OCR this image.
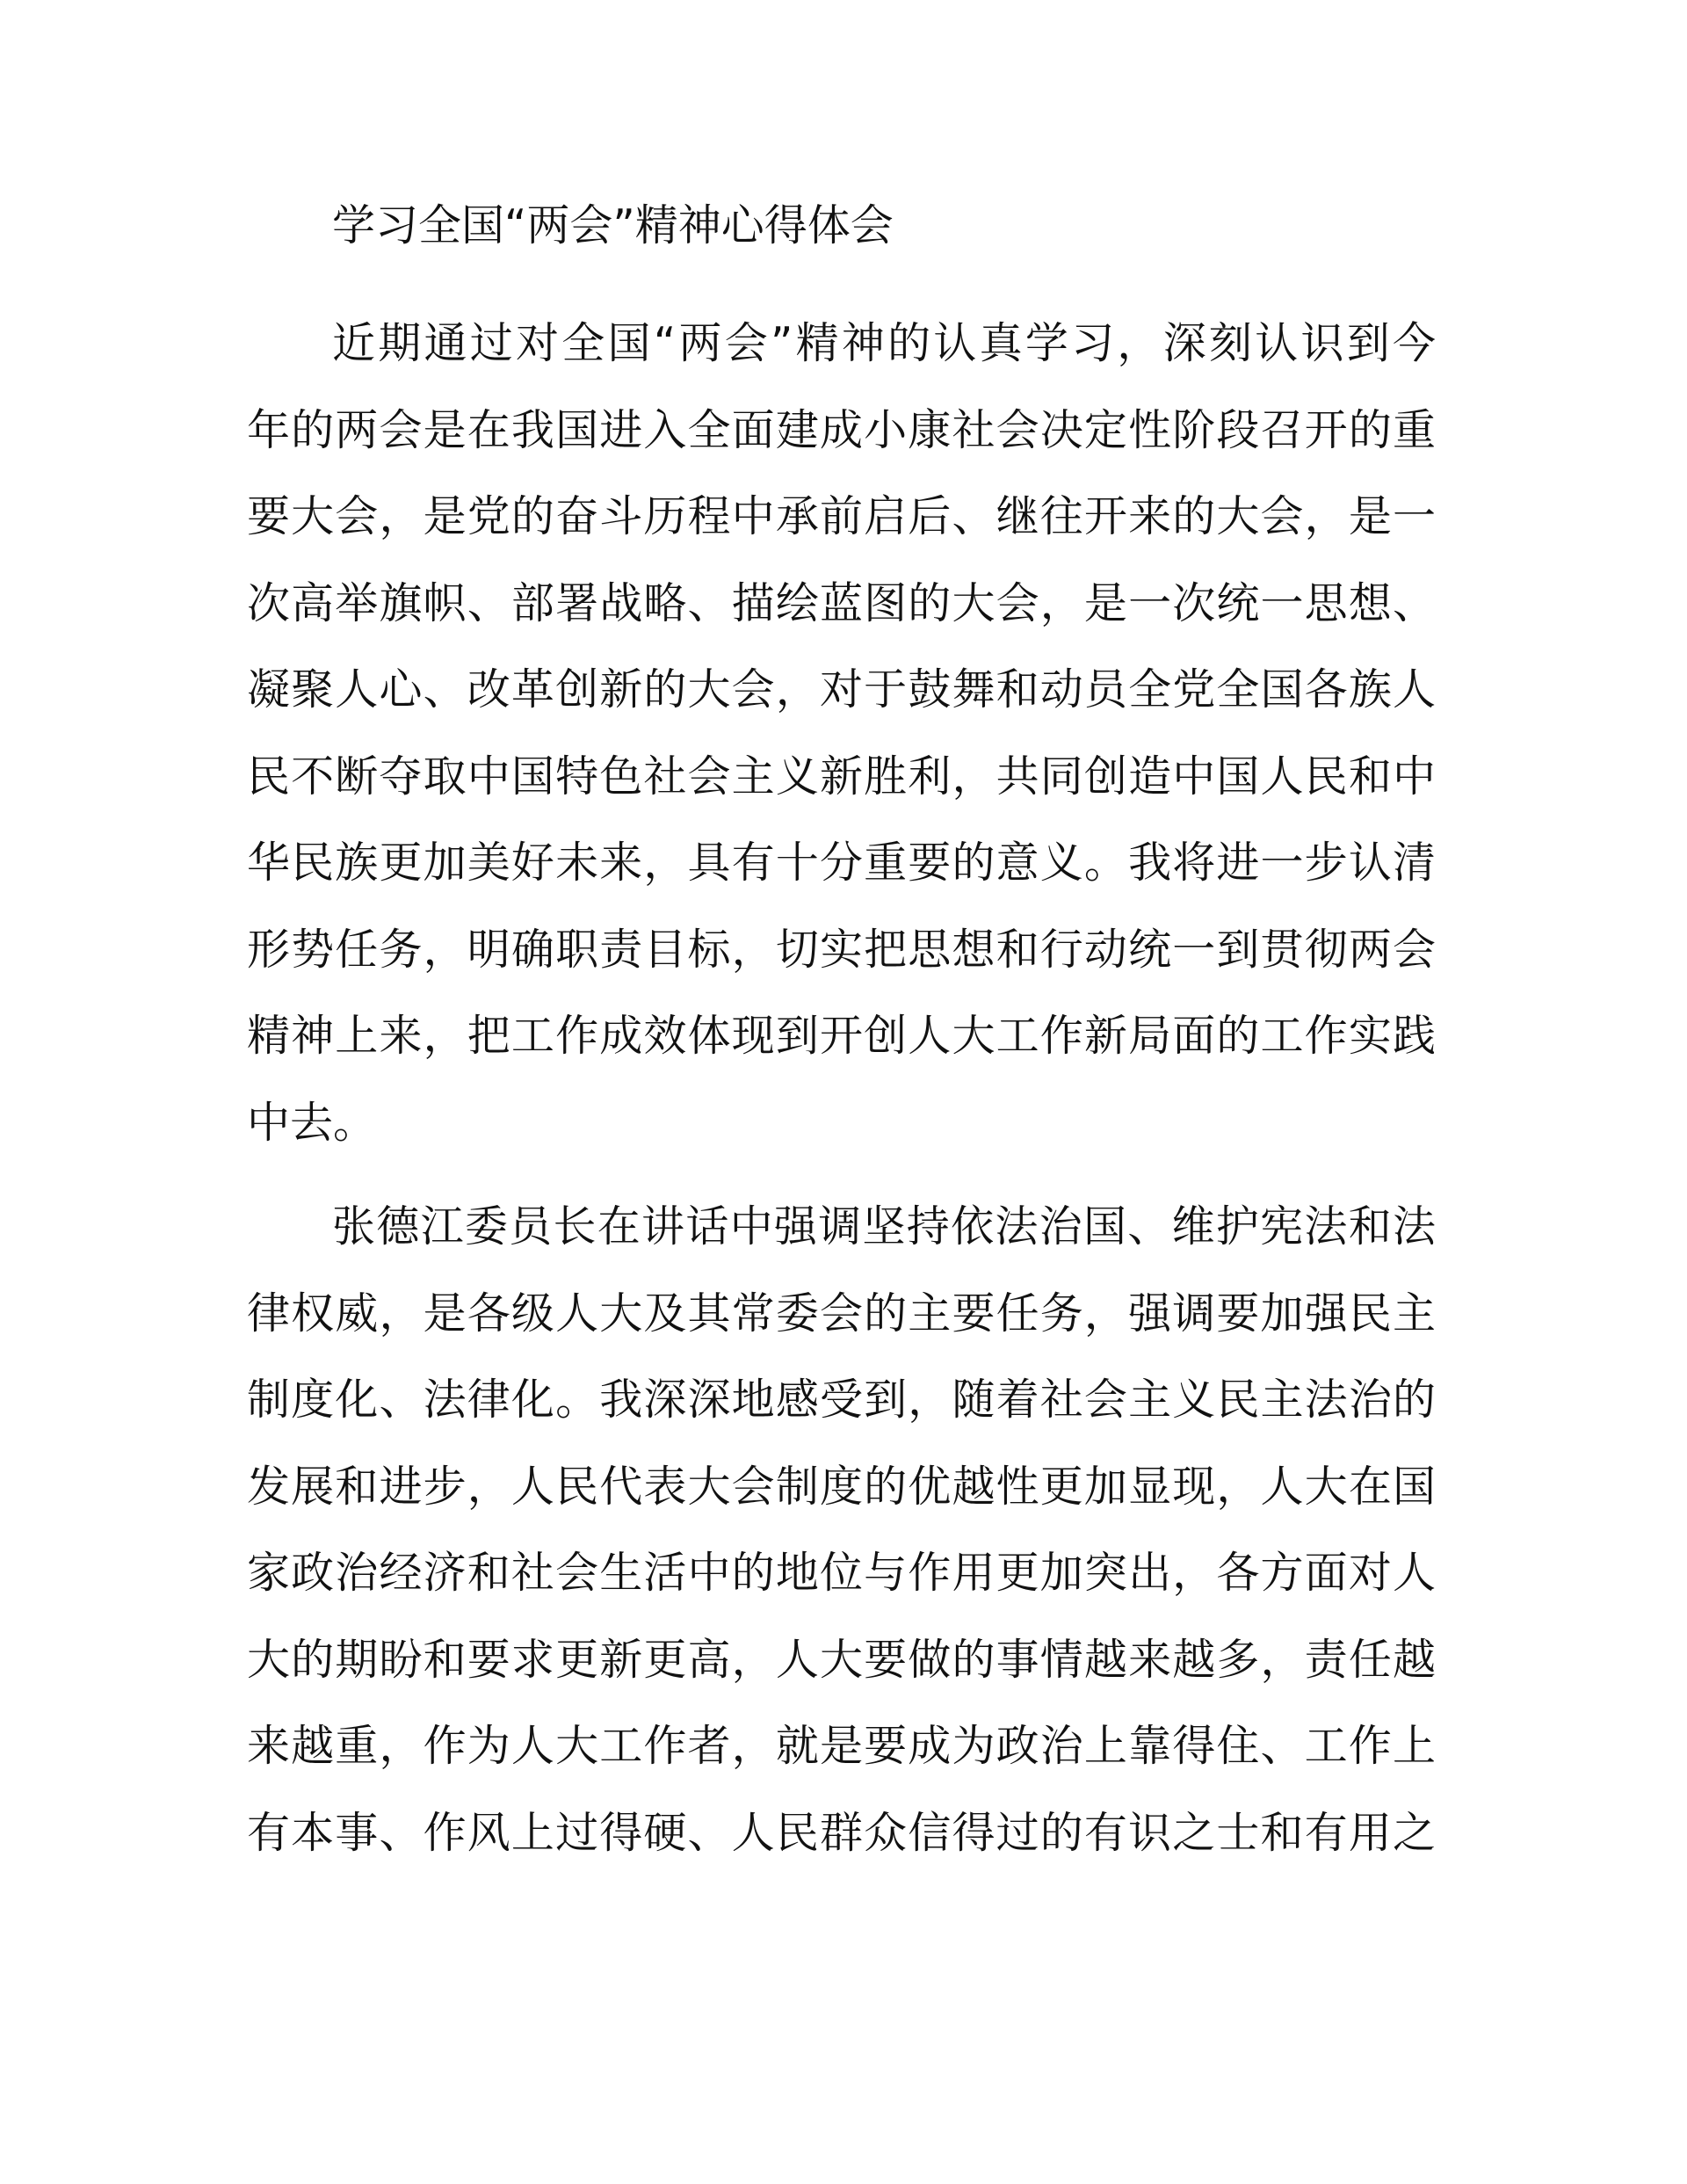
学习全国“两会”精神心得体会
近期通过对全国“两会”精神的认真学习，深刻认识到今
年的两会是在我国进入全面建成小康社会决定性阶段召开的重
要大会，是党的奋斗历程中承前启后、继往开来的大会，是一
次高举旗帜、部署战略、描绘蓝图的大会，是一次统一思想、
凝聚人心、改革创新的大会，对于鼓舞和动员全党全国各族人
民不断夺取中国特色社会主义新胜利，共同创造中国人民和中
华民族更加美好未来，具有十分重要的意义。我将进一步认清
形势任务，明确职责目标，切实把思想和行动统一到贯彻两会
精神上来，把工作成效体现到开创人大工作新局面的工作实践
中去。
张德江委员长在讲话中强调坚持依法治国、维护宪法和法
律权威，是各级人大及其常委会的主要任务，强调要加强民主
制度化、法律化。我深深地感受到，随着社会主义民主法治的
发展和进步，人民代表大会制度的优越性更加显现，人大在国
家政治经济和社会生活中的地位与作用更加突出，各方面对人
大的期盼和要求更新更高，人大要做的事情越来越多，责任越
来越重，作为人大工作者，就是要成为政治上靠得住、工作上
有本事、作风上过得硬、人民群众信得过的有识之士和有用之
